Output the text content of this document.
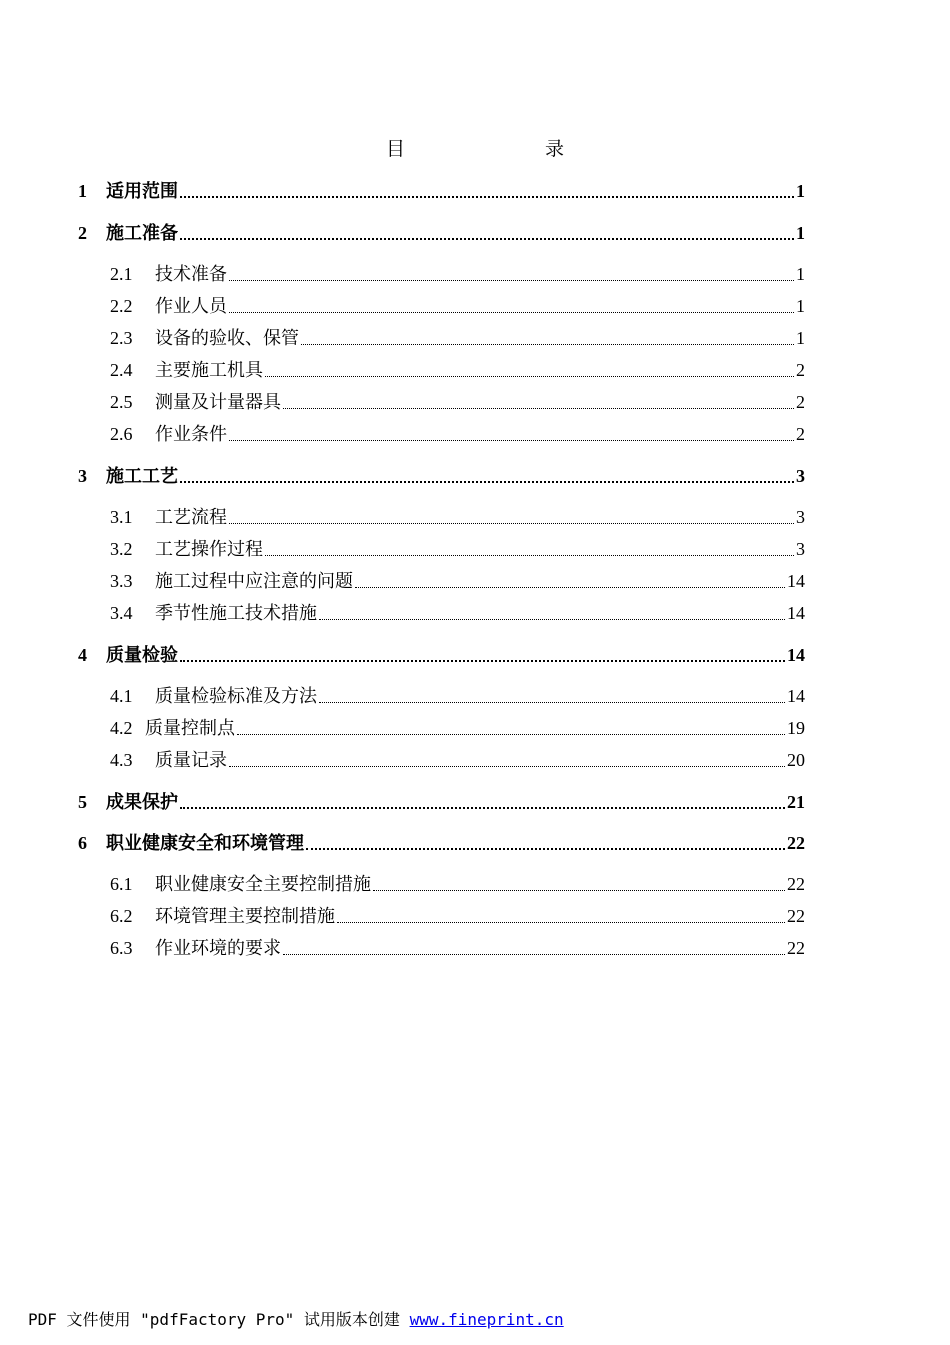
目　　录
1 适用范围	1
2 施工准备	1
2.1 技术准备	1
2.2 作业人员	1
2.3 设备的验收、保管	1
2.4 主要施工机具	2
2.5 测量及计量器具	2
2.6 作业条件	2
3 施工工艺	3
3.1 工艺流程	3
3.2 工艺操作过程	3
3.3 施工过程中应注意的问题	14
3.4 季节性施工技术措施	14
4 质量检验	14
4.1 质量检验标准及方法	14
4.2 质量控制点	19
4.3 质量记录	20
5 成果保护	21
6 职业健康安全和环境管理	22
6.1 职业健康安全主要控制措施	22
6.2 环境管理主要控制措施	22
6.3 作业环境的要求	22
PDF 文件使用 "pdfFactory Pro" 试用版本创建 www.fineprint.cn
